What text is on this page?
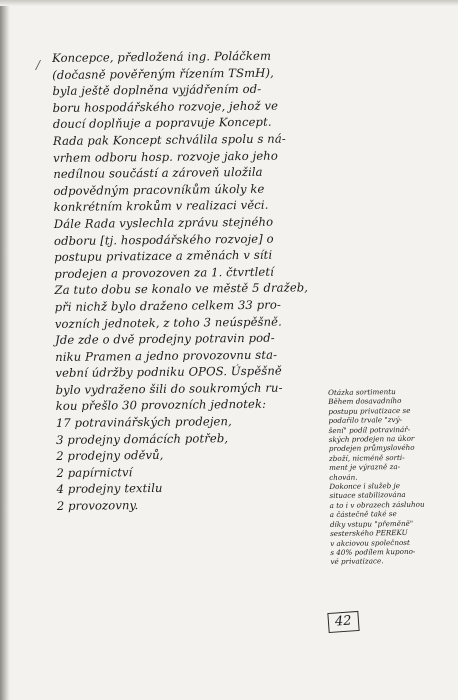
/
Koncepce, předložená ing. Poláčkem
(dočasně pověřeným řízením TSmH),
byla ještě doplněna vyjádřením od-
boru hospodářského rozvoje, jehož ve
doucí doplňuje a popravuje Koncept.
Rada pak Koncept schválila spolu s ná-
vrhem odboru hosp. rozvoje jako jeho
nedílnou součástí a zároveň uložila
odpovědným pracovníkům úkoly ke
konkrétním krokům v realizaci věci.
Dále Rada vyslechla zprávu stejného
odboru [tj. hospodářského rozvoje] o
postupu privatizace a změnách v síti
prodejen a provozoven za 1. čtvrtletí
Za tuto dobu se konalo ve městě 5 dražeb,
při nichž bylo draženo celkem 33 pro-
vozních jednotek, z toho 3 neúspěšně.
Jde zde o dvě prodejny potravin pod-
niku Pramen a jedno provozovnu sta-
vební údržby podniku OPOS. Úspěšně
bylo vydraženo šili do soukromých ru-
kou přešlo 30 provozních jednotek:
17 potravinářských prodejen,
3 prodejny domácích potřeb,
2 prodejny oděvů,
2 papírnictví
4 prodejny textilu
2 provozovny.
Otázka sortimentu
Během dosavadního
postupu privatizace se
podařilo trvale "zvý-
šení" podíl potravinář-
ských prodejen na úkor
prodejen průmyslového
zboží, nicméně sorti-
ment je výrazně za-
chován.
Dokonce i služeb je
situace stabilizována
a to i v obrazech zásluhou
a částečně také se
díky vstupu "přeměně"
sesterského PEREKU
v akciovou společnost
s 40% podílem kupono-
vé privatizace.
42
